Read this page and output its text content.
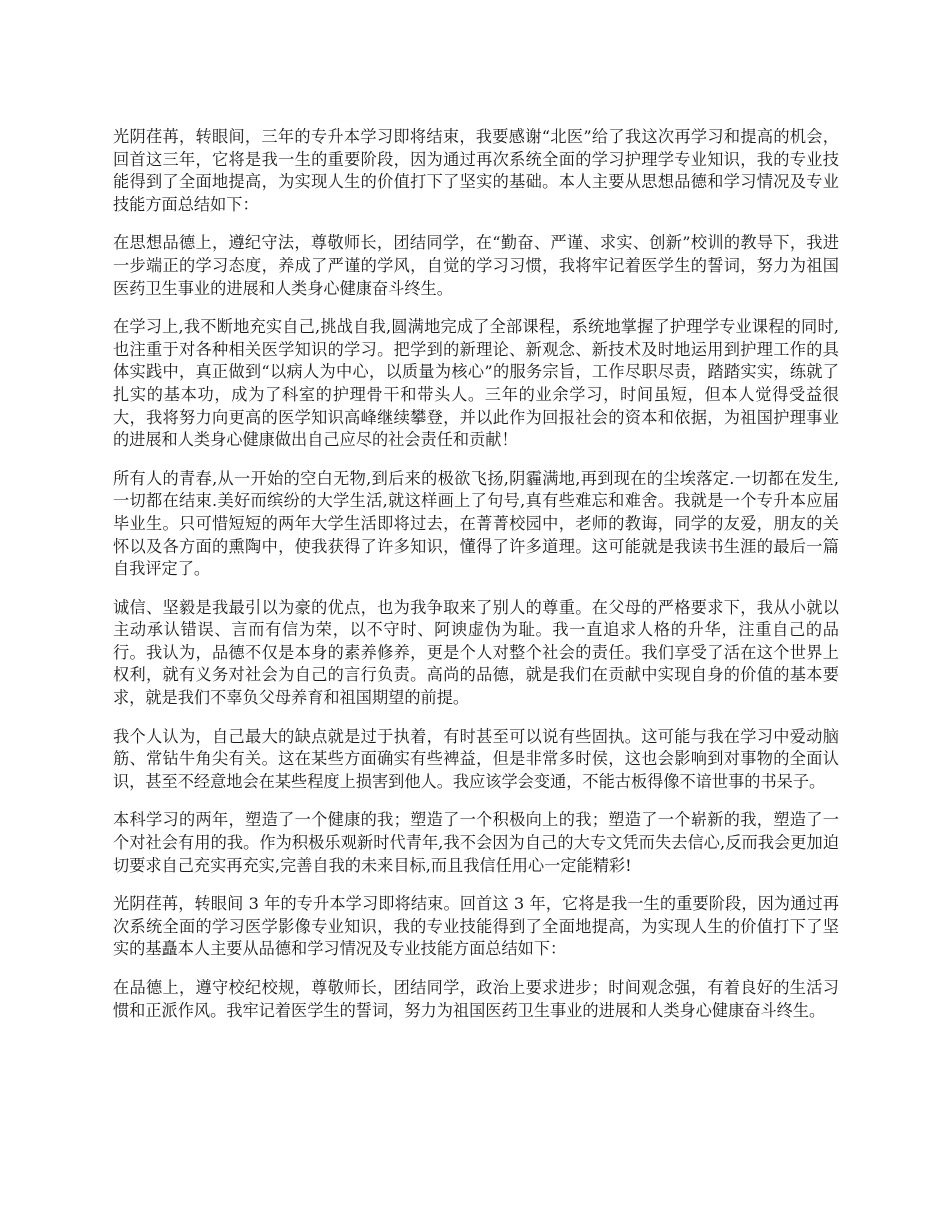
光阴荏苒，转眼间，三年的专升本学习即将结束，我要感谢“北医”给了我这次再学习和提高的机会，回首这三年，它将是我一生的重要阶段，因为通过再次系统全面的学习护理学专业知识，我的专业技能得到了全面地提高，为实现人生的价值打下了坚实的基础。本人主要从思想品德和学习情况及专业技能方面总结如下：

在思想品德上，遵纪守法，尊敬师长，团结同学，在“勤奋、严谨、求实、创新”校训的教导下，我进一步端正的学习态度，养成了严谨的学风，自觉的学习习惯，我将牢记着医学生的誓词，努力为祖国医药卫生事业的进展和人类身心健康奋斗终生。

在学习上,我不断地充实自己,挑战自我,圆满地完成了全部课程，系统地掌握了护理学专业课程的同时,也注重于对各种相关医学知识的学习。把学到的新理论、新观念、新技术及时地运用到护理工作的具体实践中，真正做到“以病人为中心，以质量为核心”的服务宗旨，工作尽职尽责，踏踏实实，练就了扎实的基本功，成为了科室的护理骨干和带头人。三年的业余学习，时间虽短，但本人觉得受益很大，我将努力向更高的医学知识高峰继续攀登，并以此作为回报社会的资本和依据，为祖国护理事业的进展和人类身心健康做出自己应尽的社会责任和贡献！

所有人的青春,从一开始的空白无物,到后来的极欲飞扬,阴霾满地,再到现在的尘埃落定.一切都在发生,一切都在结束.美好而缤纷的大学生活,就这样画上了句号,真有些难忘和难舍。我就是一个专升本应届毕业生。只可惜短短的两年大学生活即将过去，在菁菁校园中，老师的教诲，同学的友爱，朋友的关怀以及各方面的熏陶中，使我获得了许多知识，懂得了许多道理。这可能就是我读书生涯的最后一篇自我评定了。

诚信、坚毅是我最引以为豪的优点，也为我争取来了别人的尊重。在父母的严格要求下，我从小就以主动承认错误、言而有信为荣，以不守时、阿谀虚伪为耻。我一直追求人格的升华，注重自己的品行。我认为，品德不仅是本身的素养修养，更是个人对整个社会的责任。我们享受了活在这个世界上权利，就有义务对社会为自己的言行负责。高尚的品德，就是我们在贡献中实现自身的价值的基本要求，就是我们不辜负父母养育和祖国期望的前提。

我个人认为，自己最大的缺点就是过于执着，有时甚至可以说有些固执。这可能与我在学习中爱动脑筋、常钻牛角尖有关。这在某些方面确实有些裨益，但是非常多时侯，这也会影响到对事物的全面认识，甚至不经意地会在某些程度上损害到他人。我应该学会变通，不能古板得像不谙世事的书呆子。

本科学习的两年，塑造了一个健康的我；塑造了一个积极向上的我；塑造了一个崭新的我，塑造了一个对社会有用的我。作为积极乐观新时代青年,我不会因为自己的大专文凭而失去信心,反而我会更加迫切要求自己充实再充实,完善自我的未来目标,而且我信任用心一定能精彩!

光阴荏苒，转眼间 3 年的专升本学习即将结束。回首这 3 年，它将是我一生的重要阶段，因为通过再次系统全面的学习医学影像专业知识，我的专业技能得到了全面地提高，为实现人生的价值打下了坚实的基矗本人主要从品德和学习情况及专业技能方面总结如下：

在品德上，遵守校纪校规，尊敬师长，团结同学，政治上要求进步；时间观念强，有着良好的生活习惯和正派作风。我牢记着医学生的誓词，努力为祖国医药卫生事业的进展和人类身心健康奋斗终生。
